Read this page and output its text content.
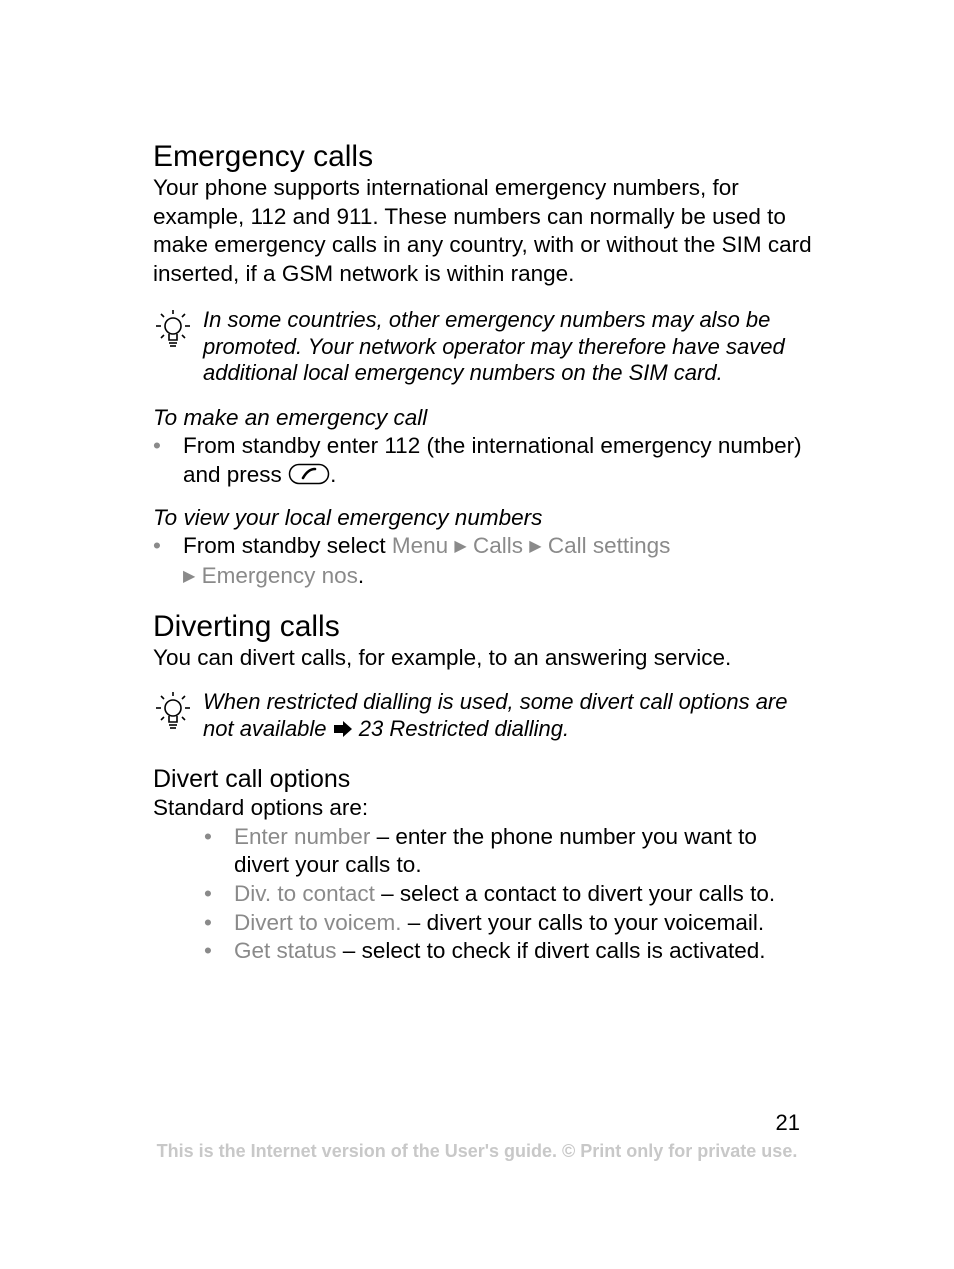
Emergency calls

Your phone supports international emergency numbers, for example, 112 and 911. These numbers can normally be used to make emergency calls in any country, with or without the SIM card inserted, if a GSM network is within range.

In some countries, other emergency numbers may also be promoted. Your network operator may therefore have saved additional local emergency numbers on the SIM card.

To make an emergency call

• From standby enter 112 (the international emergency number) and press .

To view your local emergency numbers

• From standby select Menu ▶ Calls ▶ Call settings
▶ Emergency nos.
Diverting calls

You can divert calls, for example, to an answering service.

When restricted dialling is used, some divert call options are not available 23 Restricted dialling.

Divert call options

Standard options are:

• Enter number – enter the phone number you want to divert your calls to.
• Div. to contact – select a contact to divert your calls to.
• Divert to voicem. – divert your calls to your voicemail.
• Get status – select to check if divert calls is activated.
21
This is the Internet version of the User's guide. © Print only for private use.
